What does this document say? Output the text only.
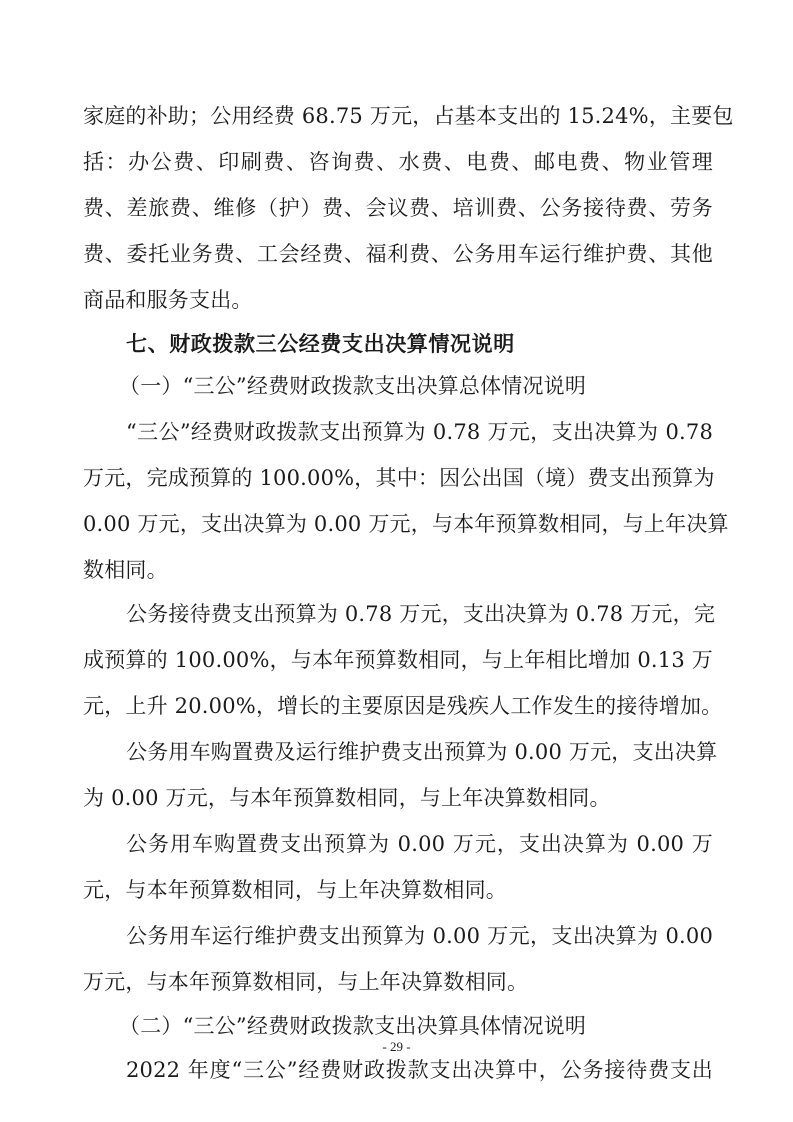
家庭的补助；公用经费 68.75 万元，占基本支出的 15.24%，主要包
括：办公费、印刷费、咨询费、水费、电费、邮电费、物业管理
费、差旅费、维修（护）费、会议费、培训费、公务接待费、劳务
费、委托业务费、工会经费、福利费、公务用车运行维护费、其他
商品和服务支出。
七、财政拨款三公经费支出决算情况说明
（一）“三公”经费财政拨款支出决算总体情况说明
“三公”经费财政拨款支出预算为 0.78 万元，支出决算为 0.78
万元，完成预算的 100.00%，其中：因公出国（境）费支出预算为
0.00 万元，支出决算为 0.00 万元，与本年预算数相同，与上年决算
数相同。
公务接待费支出预算为 0.78 万元，支出决算为 0.78 万元，完
成预算的 100.00%，与本年预算数相同，与上年相比增加 0.13 万
元，上升 20.00%，增长的主要原因是残疾人工作发生的接待增加。
公务用车购置费及运行维护费支出预算为 0.00 万元，支出决算
为 0.00 万元，与本年预算数相同，与上年决算数相同。
公务用车购置费支出预算为 0.00 万元，支出决算为 0.00 万
元，与本年预算数相同，与上年决算数相同。
公务用车运行维护费支出预算为 0.00 万元，支出决算为 0.00
万元，与本年预算数相同，与上年决算数相同。
（二）“三公”经费财政拨款支出决算具体情况说明
2022 年度“三公”经费财政拨款支出决算中，公务接待费支出
- 29 -
